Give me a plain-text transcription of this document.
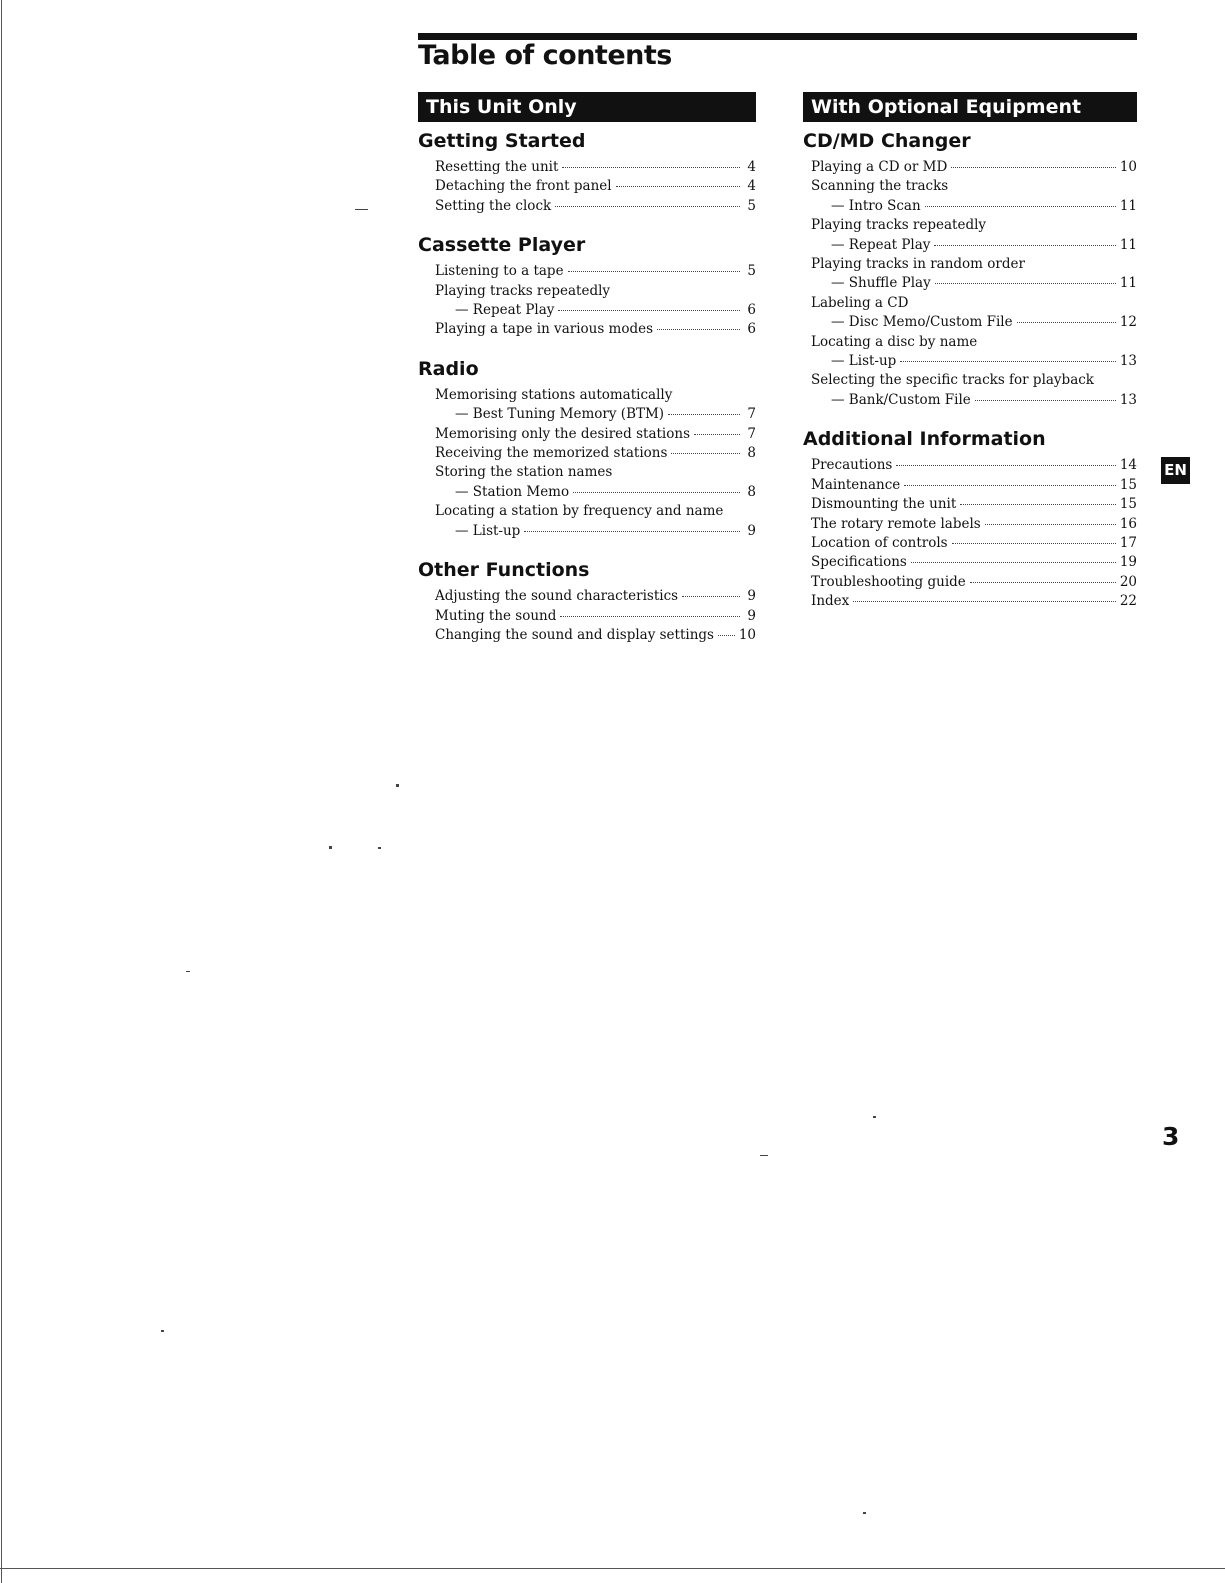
Table of contents
This Unit Only
Getting Started
Resetting the unit	4
Detaching the front panel	4
Setting the clock	5
Cassette Player
Listening to a tape	5
Playing tracks repeatedly
— Repeat Play	6
Playing a tape in various modes	6
Radio
Memorising stations automatically
— Best Tuning Memory (BTM)	7
Memorising only the desired stations	7
Receiving the memorized stations	8
Storing the station names
— Station Memo	8
Locating a station by frequency and name
— List-up	9
Other Functions
Adjusting the sound characteristics	9
Muting the sound	9
Changing the sound and display settings 10
With Optional Equipment
CD/MD Changer
Playing a CD or MD	10
Scanning the tracks
— Intro Scan	11
Playing tracks repeatedly
— Repeat Play	11
Playing tracks in random order
— Shuffle Play	11
Labeling a CD
— Disc Memo/Custom File	12
Locating a disc by name
— List-up	13
Selecting the specific tracks for playback
— Bank/Custom File	13
Additional Information
Precautions	14
Maintenance	15
Dismounting the unit	15
The rotary remote labels	16
Location of controls	17
Specifications	19
Troubleshooting guide	20
Index	22
EN
3
